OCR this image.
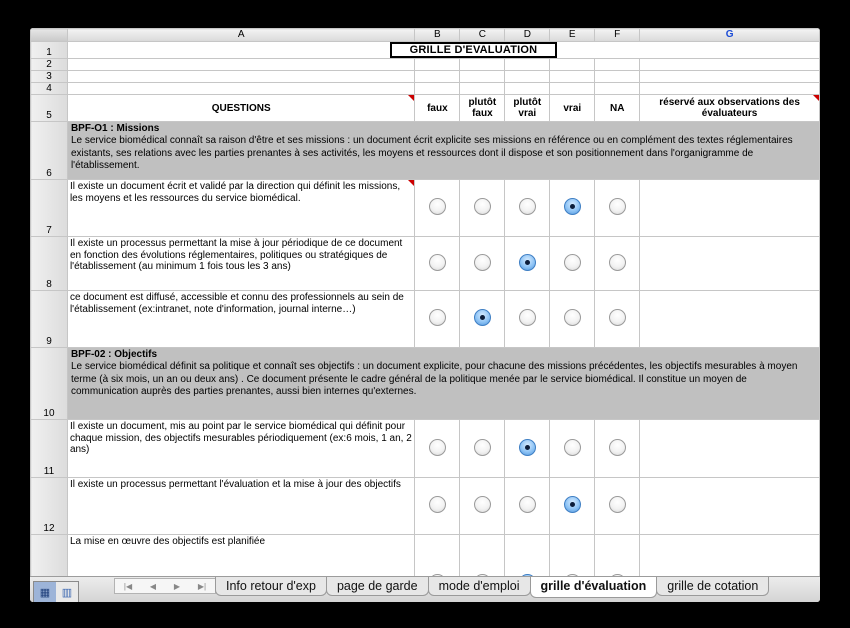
	A	B	C	D	E	F	G
1	GRILLE D'EVALUATION						
2							
3							
4							
5	QUESTIONS	faux	plutôt faux	plutôt vrai	vrai	NA	réservé aux observations des évaluateurs

6	BPF-O1 : Missions
Le service biomédical connaît sa raison d'être et ses missions : un document écrit explicite ses missions en référence ou en complément des textes réglementaires existants, ses relations avec les parties prenantes à ses activités, les moyens et ressources dont il dispose et son positionnement dans l'organigramme de l'établissement.						
7	Il existe un document écrit et validé par la direction qui définit les missions, les moyens et les ressources du service biomédical.

8	Il existe un processus permettant la mise à jour périodique de ce document en fonction des évolutions réglementaires, politiques ou stratégiques de l'établissement (au minimum 1 fois tous les 3 ans)						
9	ce document est diffusé, accessible et connu des professionnels au sein de l'établissement (ex:intranet, note d'information, journal interne…)						
10	BPF-02 : Objectifs
Le service biomédical définit sa politique et connaît ses objectifs : un document explicite, pour chacune des missions précédentes, les objectifs mesurables à moyen terme (à six mois, un an ou deux ans) . Ce document présente le cadre général de la politique menée par le service biomédical. Il constitue un moyen de communication auprès des parties prenantes, aussi bien internes qu'externes.						
11	Il existe un document, mis au point par le service biomédical qui définit pour chaque mission, des objectifs mesurables périodiquement (ex:6 mois, 1 an, 2 ans)						
12	Il existe un processus permettant l'évaluation et la mise à jour des objectifs						
	La mise en œuvre des objectifs est planifiée						
▦	▥
|◀ ◀ ▶ ▶|	Info retour d'exp	page de garde	mode d'emploi	grille d'évaluation	grille de cotation
